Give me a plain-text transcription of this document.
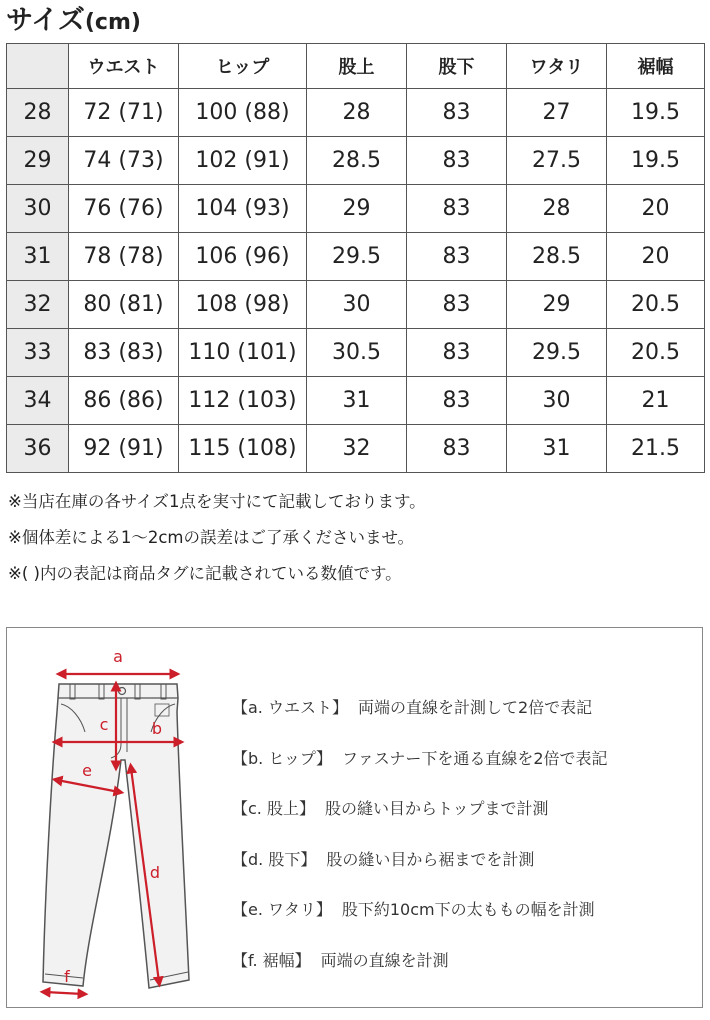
サイズ(cm)
	ウエスト	ヒップ	股上	股下	ワタリ	裾幅
28	72 (71)	100 (88)	28	83	27	19.5
29	74 (73)	102 (91)	28.5	83	27.5	19.5
30	76 (76)	104 (93)	29	83	28	20
31	78 (78)	106 (96)	29.5	83	28.5	20
32	80 (81)	108 (98)	30	83	29	20.5
33	83 (83)	110 (101)	30.5	83	29.5	20.5
34	86 (86)	112 (103)	31	83	30	21
36	92 (91)	115 (108)	32	83	31	21.5
※当店在庫の各サイズ1点を実寸にて記載しております。
※個体差による1〜2cmの誤差はご了承くださいませ。
※( )内の表記は商品タグに記載されている数値です。
a
b
c
d
e
f
【a. ウエスト】 両端の直線を計測して2倍で表記
【b. ヒップ】 ファスナー下を通る直線を2倍で表記
【c. 股上】 股の縫い目からトップまで計測
【d. 股下】 股の縫い目から裾までを計測
【e. ワタリ】 股下約10cm下の太ももの幅を計測
【f. 裾幅】 両端の直線を計測
